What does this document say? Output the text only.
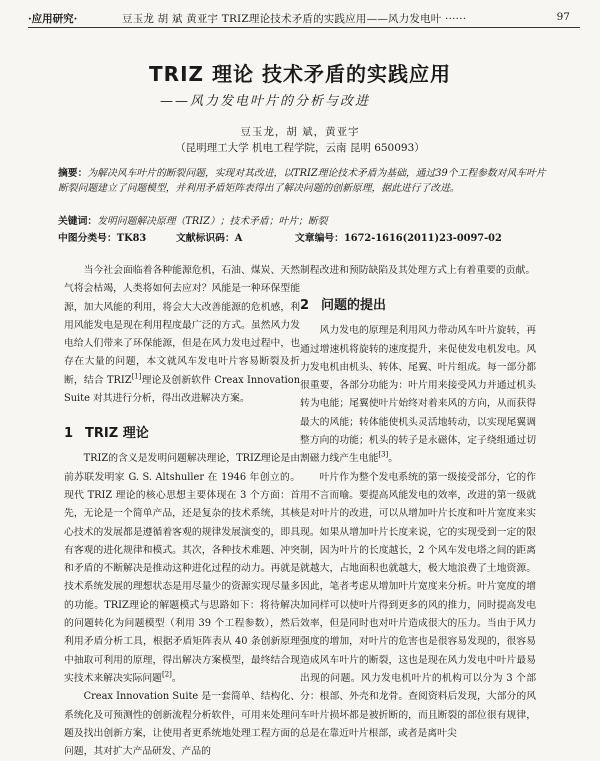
·应用研究·	豆玉龙 胡 斌 黄亚宇 TRIZ理论技术矛盾的实践应用——风力发电叶 ······	97
TRIZ 理论 技术矛盾的实践应用
——风力发电叶片的分析与改进
豆玉龙，胡 斌，黄亚宇
（昆明理工大学 机电工程学院，云南 昆明 650093）
摘要：为解决风车叶片的断裂问题，实现对其改进，以TRIZ理论技术矛盾为基础，通过39个工程参数对风车叶片断裂问题建立了问题模型，并利用矛盾矩阵表得出了解决问题的创新原理，据此进行了改进。
关键词：发明问题解决原理（TRIZ）；技术矛盾；叶片；断裂
中图分类号：TK83	文献标识码：A	文章编号：1672-1616(2011)23-0097-02

当今社会面临着各种能源危机，石油、煤炭、天然气将会枯竭，人类将如何去应对？风能是一种环保型能源，加大风能的利用，将会大大改善能源的危机感，利用风能发电是现在利用程度最广泛的方式。虽然风力发电给人们带来了环保能源，但是在风力发电过程中，也存在大量的问题，本文就风车发电叶片容易断裂及折断，结合 TRIZ[1]理论及创新软件 Creax Innovation Suite 对其进行分析，得出改进解决方案。

1 TRIZ 理论

TRIZ的含义是发明问题解决理论，TRIZ理论是由前苏联发明家 G. S. Altshuller 在 1946 年创立的。现代 TRIZ 理论的核心思想主要体现在 3 个方面：首先，无论是一个简单产品，还是复杂的技术系统，其核心技术的发展都是遵循着客观的规律发展演变的，即具有客观的进化规律和模式。其次，各种技术难题、冲突和矛盾的不断解决是推动这种进化过程的动力。再就是技术系统发展的理想状态是用尽量少的资源实现尽量多的功能。TRIZ理论的解题模式与思路如下：将待解决的问题转化为问题模型（利用 39 个工程参数），然后利用矛盾分析工具，根据矛盾矩阵表从 40 条创新原理中抽取可利用的原理，得出解决方案模型，最终结合现实技术来解决实际问题[2]。

Creax Innovation Suite 是一套简单、结构化、系统化及可预测性的创新流程分析软件，可用来处理问题及找出创新方案，让使用者更系统地处理工程方面的问题，其对扩大产品研发、产品的

制程改进和预防缺陷及其处理方式上有着重要的贡献。

2 问题的提出

风力发电的原理是利用风力带动风车叶片旋转，再通过增速机将旋转的速度提升，来促使发电机发电。风力发电机由机头、转体、尾翼、叶片组成。每一部分都很重要，各部分功能为：叶片用来接受风力并通过机头转为电能；尾翼使叶片始终对着来风的方向，从而获得最大的风能；转体能使机头灵活地转动，以实现尾翼调整方向的功能；机头的转子是永磁体，定子绕组通过切割磁力线产生电能[3]。

叶片作为整个发电系统的第一级接受部分，它的作用不言而喻。要提高风能发电的效率，改进的第一级就是对叶片的改进，可以从增加叶片长度和叶片宽度来实现。如果从增加叶片长度来说，它的实现受到一定的限制，因为叶片的长度越长，2 个风车发电塔之间的距离就越大，占地面积也就越大，极大地浪费了土地资源。因此，笔者考虑从增加叶片宽度来分析。叶片宽度的增加同样可以使叶片得到更多的风的推力，同时提高发电效率，但是同时也对叶片造成很大的压力。当由于风力强度的增加，对叶片的危害也是很容易发现的，很容易造成风车叶片的断裂，这也是现在风力发电中叶片最易出现的问题。风力发电机叶片的机构可以分为 3 个部分：根部、外壳和龙骨。查阅资料后发现，大部分的风车叶片损坏都是被折断的，而且断裂的部位很有规律，总是在靠近叶片根部，或者是离叶尖
